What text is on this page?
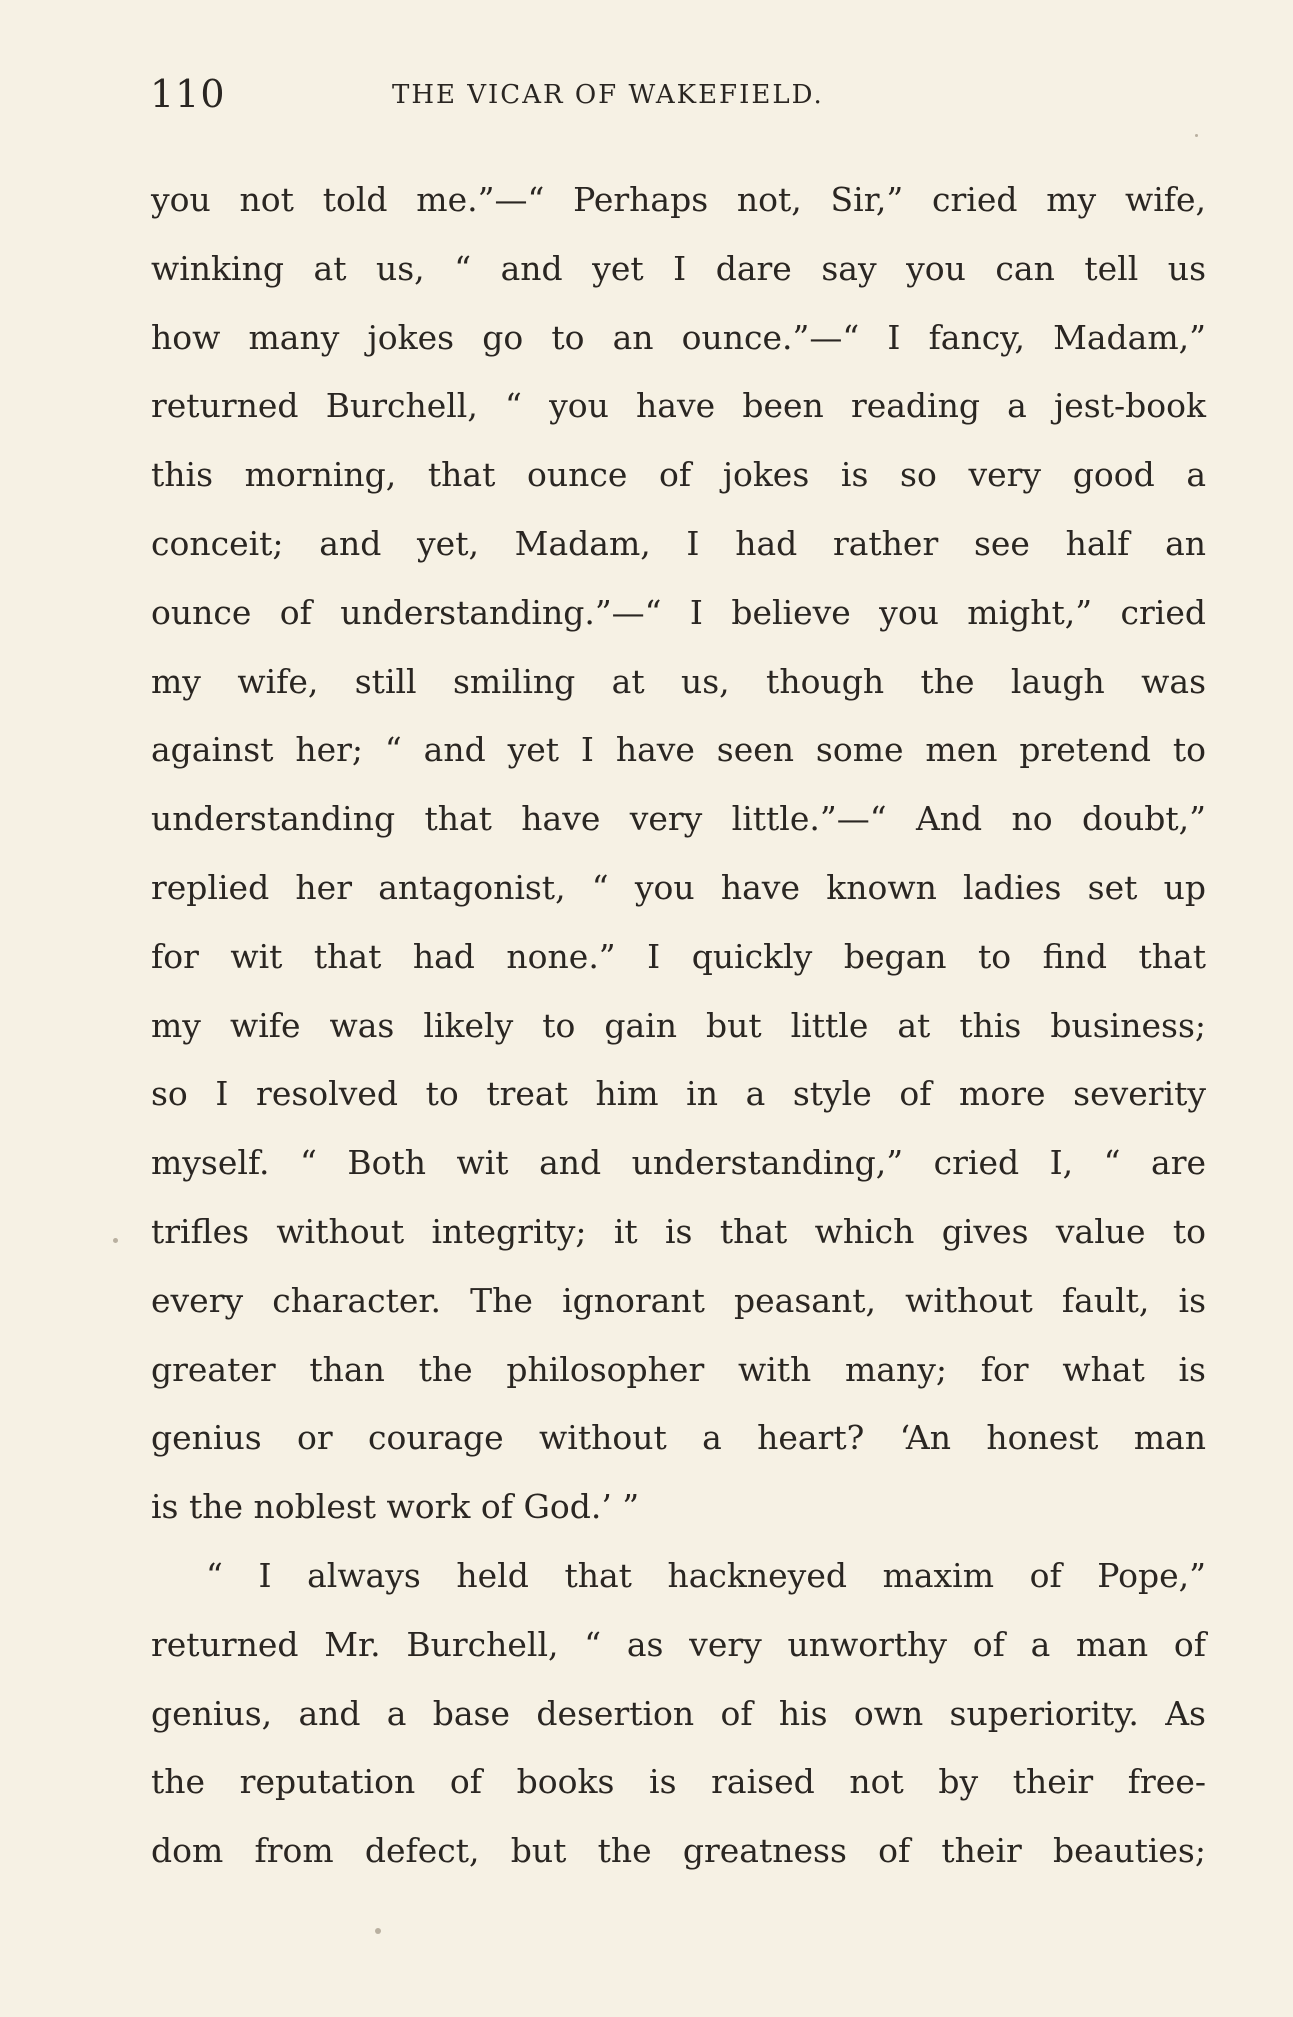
110	THE VICAR OF WAKEFIELD.
you not told me.”—“ Perhaps not, Sir,” cried my wife,
winking at us, “ and yet I dare say you can tell us
how many jokes go to an ounce.”—“ I fancy, Madam,”
returned Burchell, “ you have been reading a jest-book
this morning, that ounce of jokes is so very good a
conceit; and yet, Madam, I had rather see half an
ounce of understanding.”—“ I believe you might,” cried
my wife, still smiling at us, though the laugh was
against her; “ and yet I have seen some men pretend to
understanding that have very little.”—“ And no doubt,”
replied her antagonist, “ you have known ladies set up
for wit that had none.” I quickly began to find that
my wife was likely to gain but little at this business;
so I resolved to treat him in a style of more severity
myself. “ Both wit and understanding,” cried I, “ are
trifles without integrity; it is that which gives value to
every character. The ignorant peasant, without fault, is
greater than the philosopher with many; for what is
genius or courage without a heart? ‘An honest man
is the noblest work of God.’ ”
“ I always held that hackneyed maxim of Pope,”
returned Mr. Burchell, “ as very unworthy of a man of
genius, and a base desertion of his own superiority. As
the reputation of books is raised not by their free-
dom from defect, but the greatness of their beauties;
